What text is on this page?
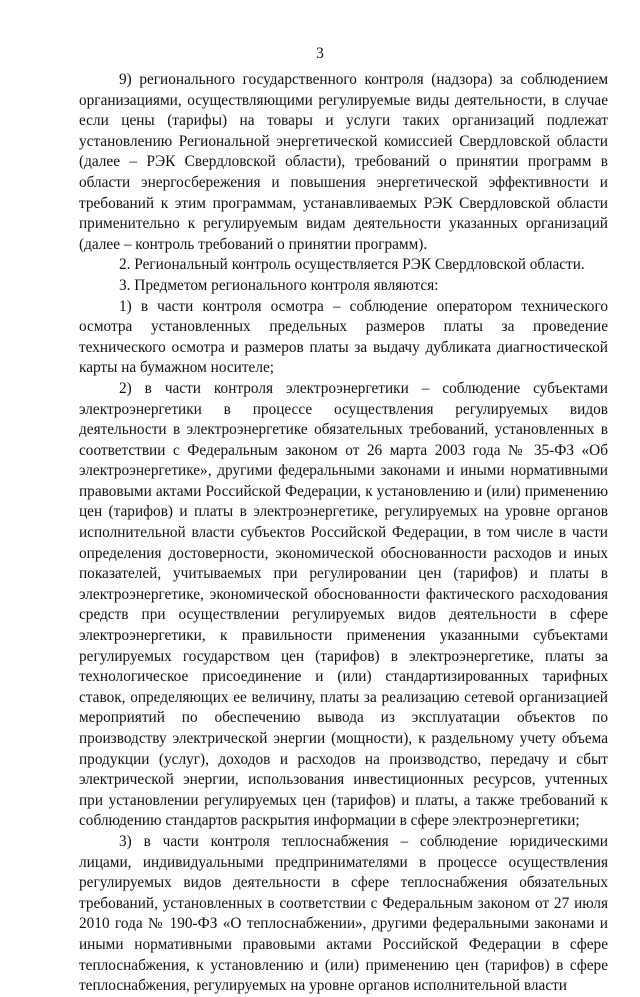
3

9) регионального государственного контроля (надзора) за соблюдением организациями, осуществляющими регулируемые виды деятельности, в случае если цены (тарифы) на товары и услуги таких организаций подлежат установлению Региональной энергетической комиссией Свердловской области (далее – РЭК Свердловской области), требований о принятии программ в области энергосбережения и повышения энергетической эффективности и требований к этим программам, устанавливаемых РЭК Свердловской области применительно к регулируемым видам деятельности указанных организаций (далее – контроль требований о принятии программ).

2. Региональный контроль осуществляется РЭК Свердловской области.

3. Предметом регионального контроля являются:

1) в части контроля осмотра – соблюдение оператором технического осмотра установленных предельных размеров платы за проведение технического осмотра и размеров платы за выдачу дубликата диагностической карты на бумажном носителе;

2) в части контроля электроэнергетики – соблюдение субъектами электроэнергетики в процессе осуществления регулируемых видов деятельности в электроэнергетике обязательных требований, установленных в соответствии с Федеральным законом от 26 марта 2003 года № 35-ФЗ «Об электроэнергетике», другими федеральными законами и иными нормативными правовыми актами Российской Федерации, к установлению и (или) применению цен (тарифов) и платы в электроэнергетике, регулируемых на уровне органов исполнительной власти субъектов Российской Федерации, в том числе в части определения достоверности, экономической обоснованности расходов и иных показателей, учитываемых при регулировании цен (тарифов) и платы в электроэнергетике, экономической обоснованности фактического расходования средств при осуществлении регулируемых видов деятельности в сфере электроэнергетики, к правильности применения указанными субъектами регулируемых государством цен (тарифов) в электроэнергетике, платы за технологическое присоединение и (или) стандартизированных тарифных ставок, определяющих ее величину, платы за реализацию сетевой организацией мероприятий по обеспечению вывода из эксплуатации объектов по производству электрической энергии (мощности), к раздельному учету объема продукции (услуг), доходов и расходов на производство, передачу и сбыт электрической энергии, использования инвестиционных ресурсов, учтенных при установлении регулируемых цен (тарифов) и платы, а также требований к соблюдению стандартов раскрытия информации в сфере электроэнергетики;

3) в части контроля теплоснабжения – соблюдение юридическими лицами, индивидуальными предпринимателями в процессе осуществления регулируемых видов деятельности в сфере теплоснабжения обязательных требований, установленных в соответствии с Федеральным законом от 27 июля 2010 года № 190-ФЗ «О теплоснабжении», другими федеральными законами и иными нормативными правовыми актами Российской Федерации в сфере теплоснабжения, к установлению и (или) применению цен (тарифов) в сфере теплоснабжения, регулируемых на уровне органов исполнительной власти
